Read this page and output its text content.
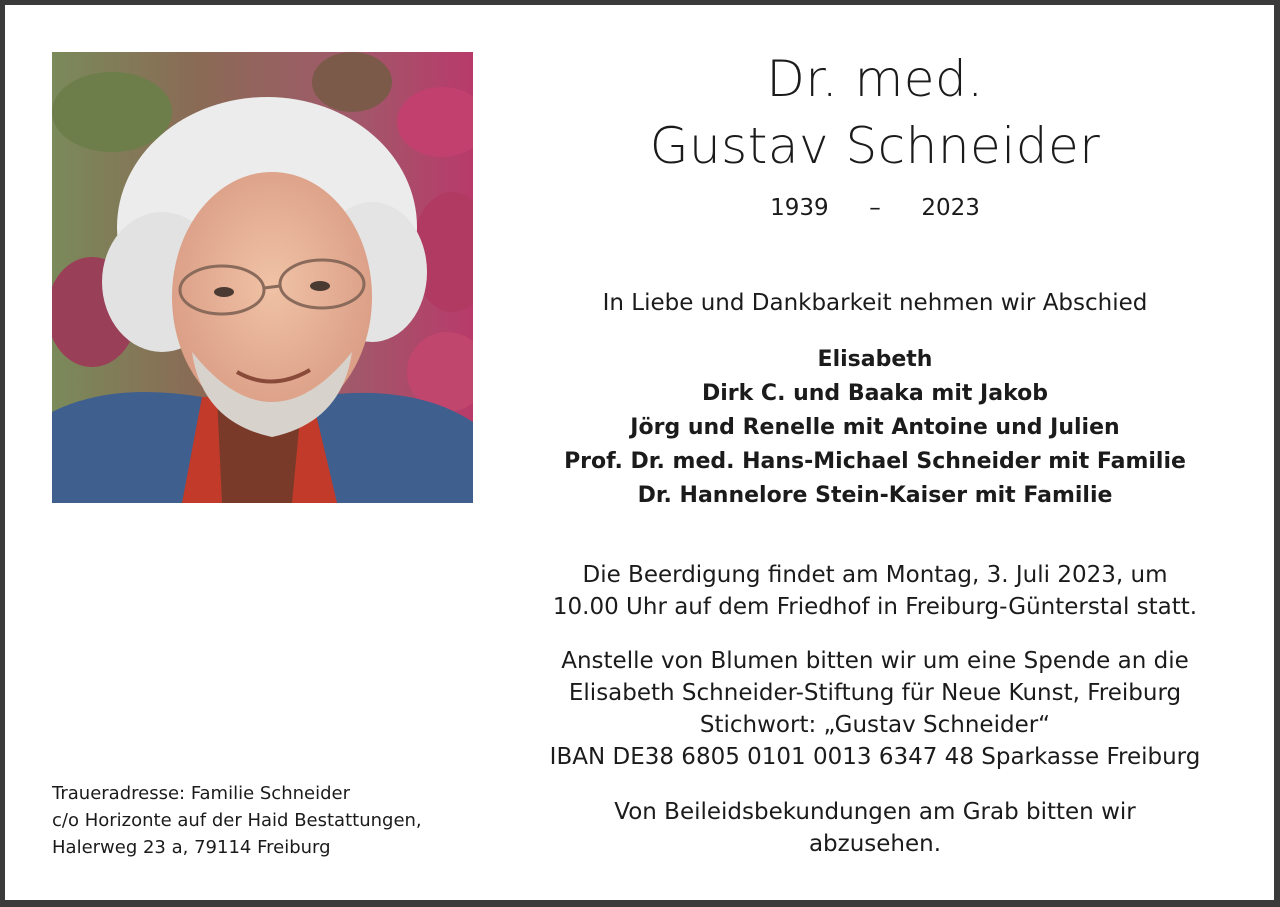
Dr. med.
Gustav Schneider
1939 – 2023
In Liebe und Dankbarkeit nehmen wir Abschied
Elisabeth
Dirk C. und Baaka mit Jakob
Jörg und Renelle mit Antoine und Julien
Prof. Dr. med. Hans-Michael Schneider mit Familie
Dr. Hannelore Stein-Kaiser mit Familie
Die Beerdigung findet am Montag, 3. Juli 2023, um
10.00 Uhr auf dem Friedhof in Freiburg-Günterstal statt.
Anstelle von Blumen bitten wir um eine Spende an die
Elisabeth Schneider-Stiftung für Neue Kunst, Freiburg
Stichwort: „Gustav Schneider“
IBAN DE38 6805 0101 0013 6347 48 Sparkasse Freiburg
Von Beileidsbekundungen am Grab bitten wir
abzusehen.
Traueradresse: Familie Schneider
c/o Horizonte auf der Haid Bestattungen,
Halerweg 23 a, 79114 Freiburg
